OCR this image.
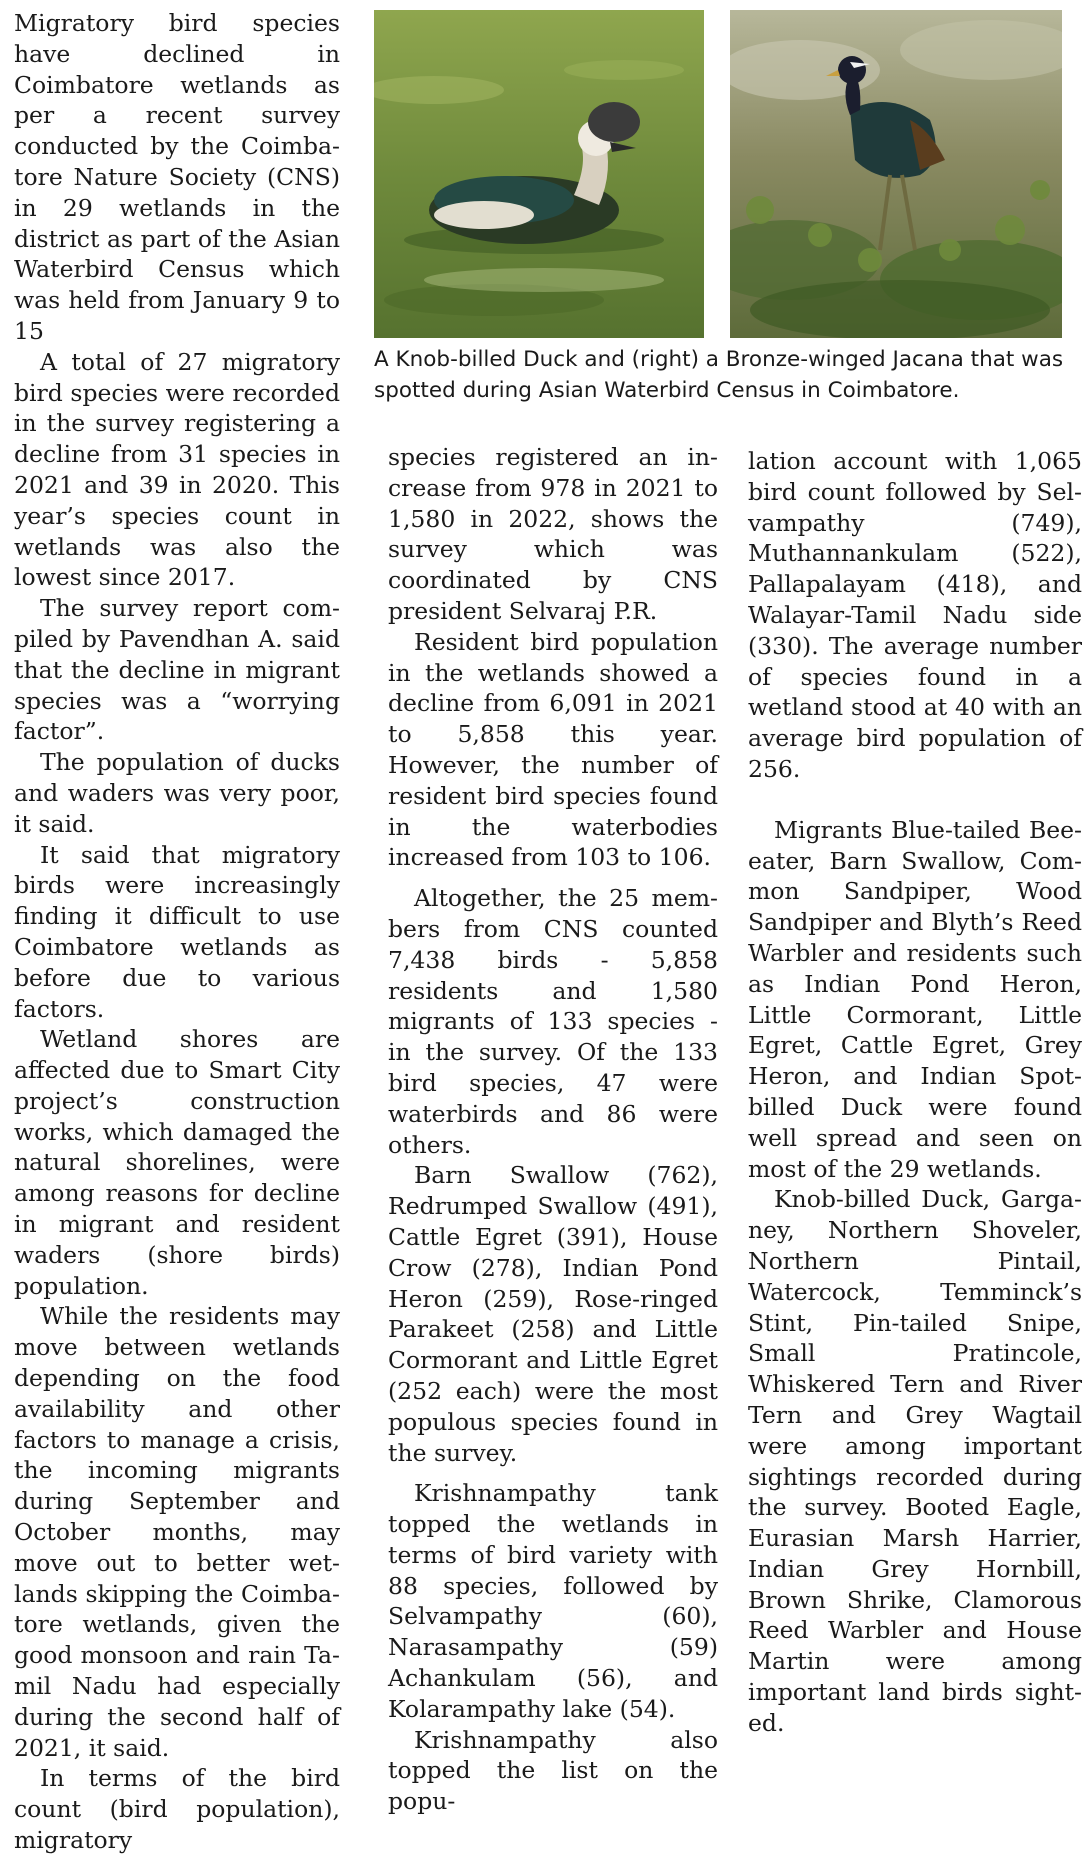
Migratory bird species have declined in Coimbatore wetlands as per a recent survey conducted by the Coimbatore Nature Society (CNS) in 29 wetlands in the district as part of the Asian Waterbird Census which was held from January 9 to 15

A total of 27 migratory bird species were recorded in the survey registering a decline from 31 species in 2021 and 39 in 2020. This year’s species count in wetlands was also the lowest since 2017.

The survey report compiled by Pavendhan A. said that the decline in migrant species was a “worrying factor”.

The population of ducks and waders was very poor, it said.

It said that migratory birds were increasingly finding it difficult to use Coimbatore wetlands as before due to various factors.

Wetland shores are affected due to Smart City project’s construction works, which damaged the natural shorelines, were among reasons for decline in migrant and resident waders (shore birds) population.

While the residents may move between wetlands depending on the food availability and other factors to manage a crisis, the incoming migrants during September and October months, may move out to better wetlands skipping the Coimbatore wetlands, given the good monsoon and rain Tamil Nadu had especially during the second half of 2021, it said.

In terms of the bird count (bird population), migratory

A Knob-billed Duck and (right) a Bronze-winged Jacana that was spotted during Asian Waterbird Census in Coimbatore.

species registered an increase from 978 in 2021 to 1,580 in 2022, shows the survey which was coordinated by CNS president Selvaraj P.R.

Resident bird population in the wetlands showed a decline from 6,091 in 2021 to 5,858 this year. However, the number of resident bird species found in the waterbodies increased from 103 to 106.

Altogether, the 25 members from CNS counted 7,438 birds - 5,858 residents and 1,580 migrants of 133 species - in the survey. Of the 133 bird species, 47 were waterbirds and 86 were others.

Barn Swallow (762), Redrumped Swallow (491), Cattle Egret (391), House Crow (278), Indian Pond Heron (259), Rose-ringed Parakeet (258) and Little Cormorant and Little Egret (252 each) were the most populous species found in the survey.

Krishnampathy tank topped the wetlands in terms of bird variety with 88 species, followed by Selvampathy (60), Narasampathy (59) Achankulam (56), and Kolarampathy lake (54).

Krishnampathy also topped the list on the popu-

lation account with 1,065 bird count followed by Selvampathy (749), Muthannankulam (522), Pallapalayam (418), and Walayar-Tamil Nadu side (330). The average number of species found in a wetland stood at 40 with an average bird population of 256.

Migrants Blue-tailed Beeeater, Barn Swallow, Common Sandpiper, Wood Sandpiper and Blyth’s Reed Warbler and residents such as Indian Pond Heron, Little Cormorant, Little Egret, Cattle Egret, Grey Heron, and Indian Spot-billed Duck were found well spread and seen on most of the 29 wetlands.

Knob-billed Duck, Garganey, Northern Shoveler, Northern Pintail, Watercock, Temminck’s Stint, Pin-tailed Snipe, Small Pratincole, Whiskered Tern and River Tern and Grey Wagtail were among important sightings recorded during the survey. Booted Eagle, Eurasian Marsh Harrier, Indian Grey Hornbill, Brown Shrike, Clamorous Reed Warbler and House Martin were among important land birds sighted.
